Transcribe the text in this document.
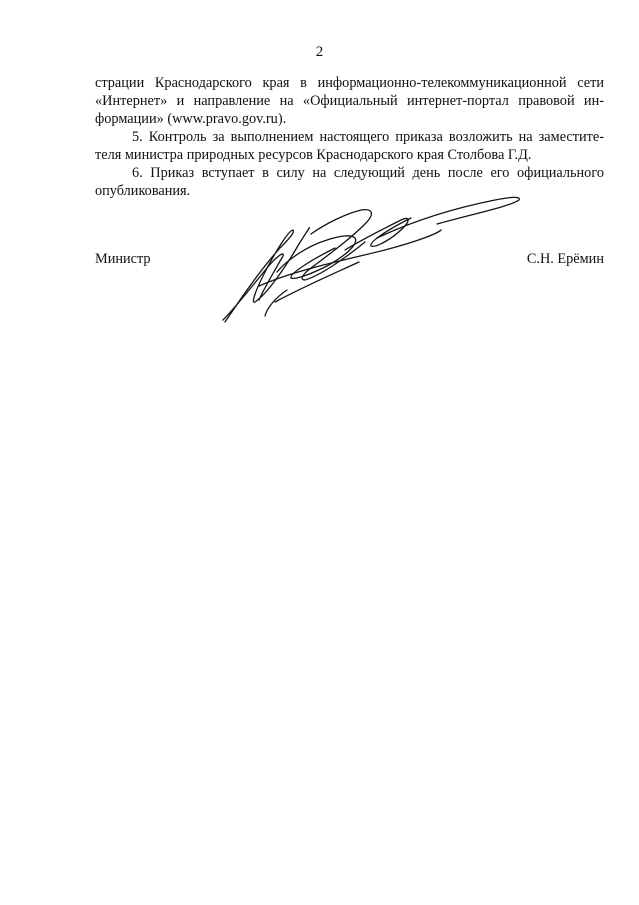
2
страции Краснодарского края в информационно-телекоммуникационной сети
«Интернет» и направление на «Официальный интернет-портал правовой ин-
формации» (www.pravo.gov.ru).
5. Контроль за выполнением настоящего приказа возложить на заместите-
теля министра природных ресурсов Краснодарского края Столбова Г.Д.
6. Приказ вступает в силу на следующий день после его официального
опубликования.
Министр	С.Н. Ерёмин
